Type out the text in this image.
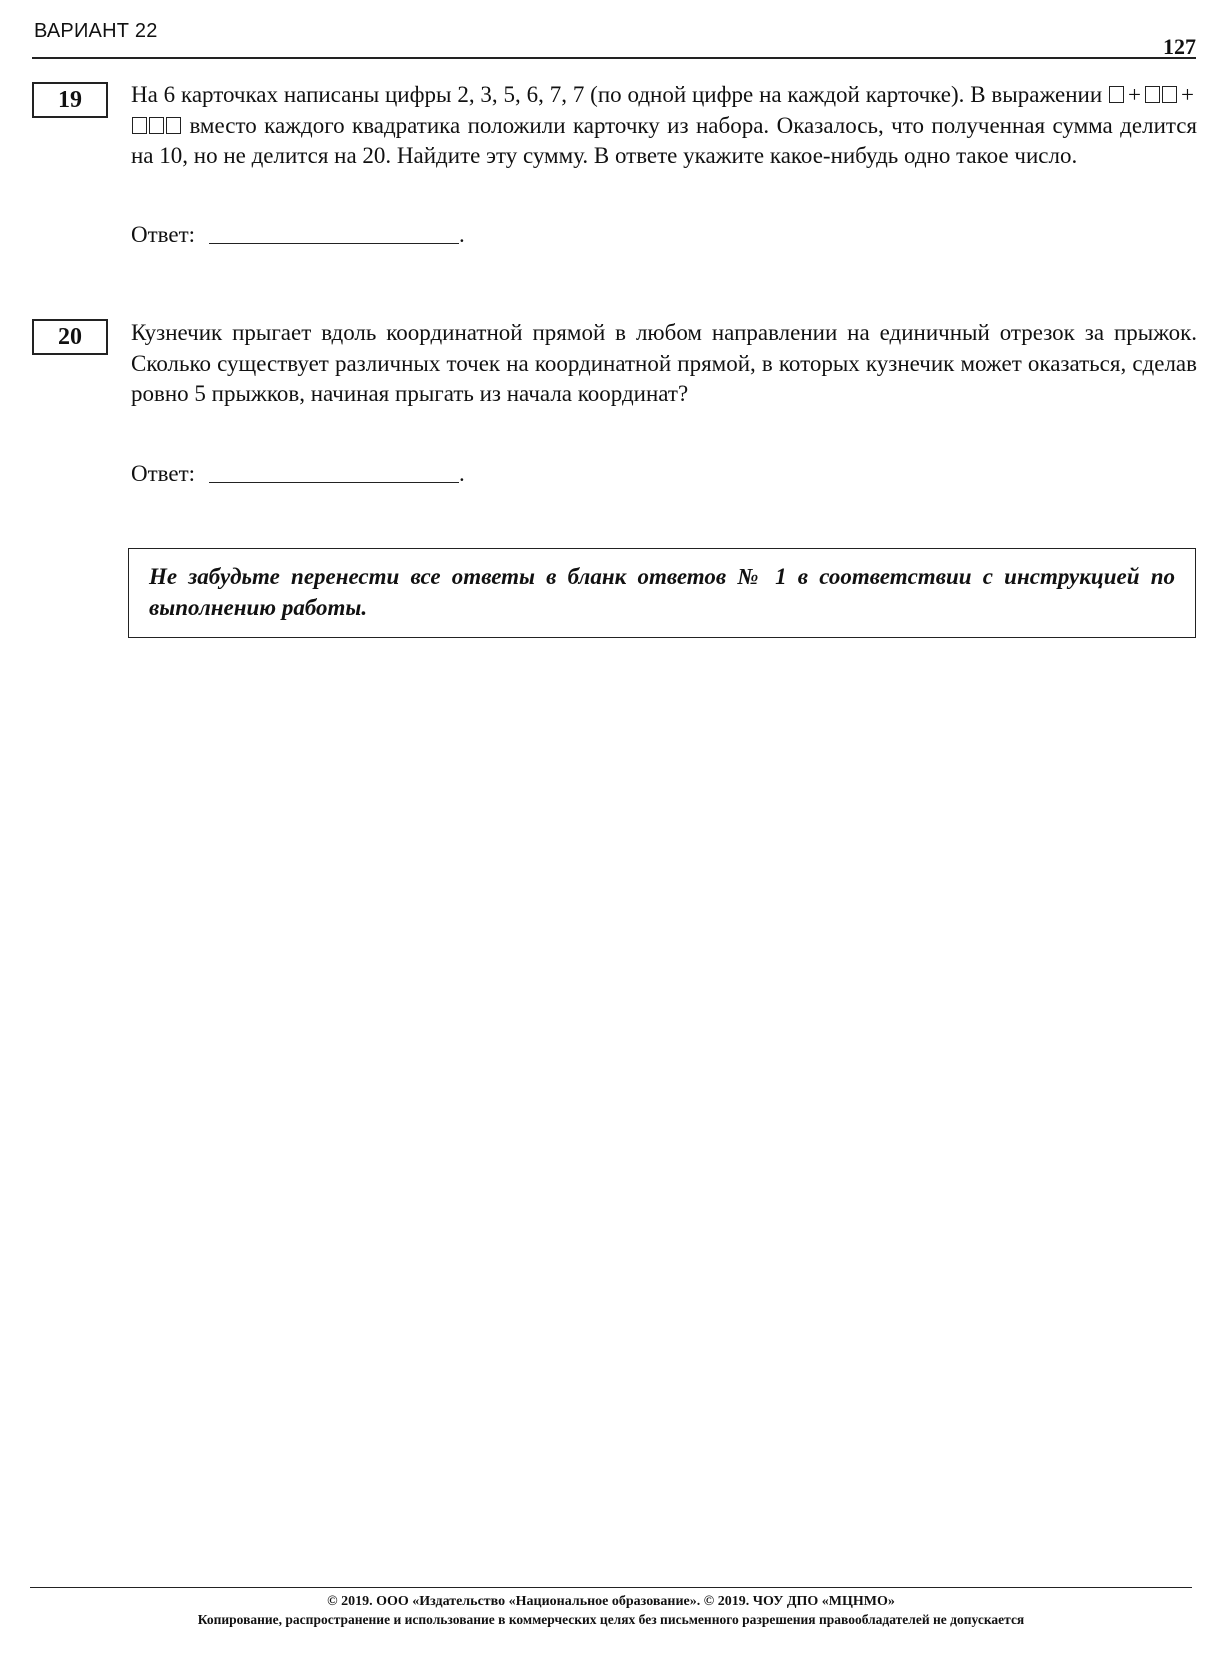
ВАРИАНТ 22
127
19	На 6 карточках написаны цифры 2, 3, 5, 6, 7, 7 (по одной цифре на каждой карточке). В выражении + + вместо каждого квадратика положили карточку из набора. Оказалось, что полученная сумма делится на 10, но не делится на 20. Найдите эту сумму. В ответе укажите какое-нибудь одно такое число.
Ответ:	.
20	Кузнечик прыгает вдоль координатной прямой в любом направлении на единичный отрезок за прыжок. Сколько существует различных точек на координатной прямой, в которых кузнечик может оказаться, сделав ровно 5 прыжков, начиная прыгать из начала координат?
Ответ:	.
Не забудьте перенести все ответы в бланк ответов № 1 в соответствии с инструкцией по выполнению работы.
© 2019. ООО «Издательство «Национальное образование». © 2019. ЧОУ ДПО «МЦНМО»
Копирование, распространение и использование в коммерческих целях без письменного разрешения правообладателей не допускается
